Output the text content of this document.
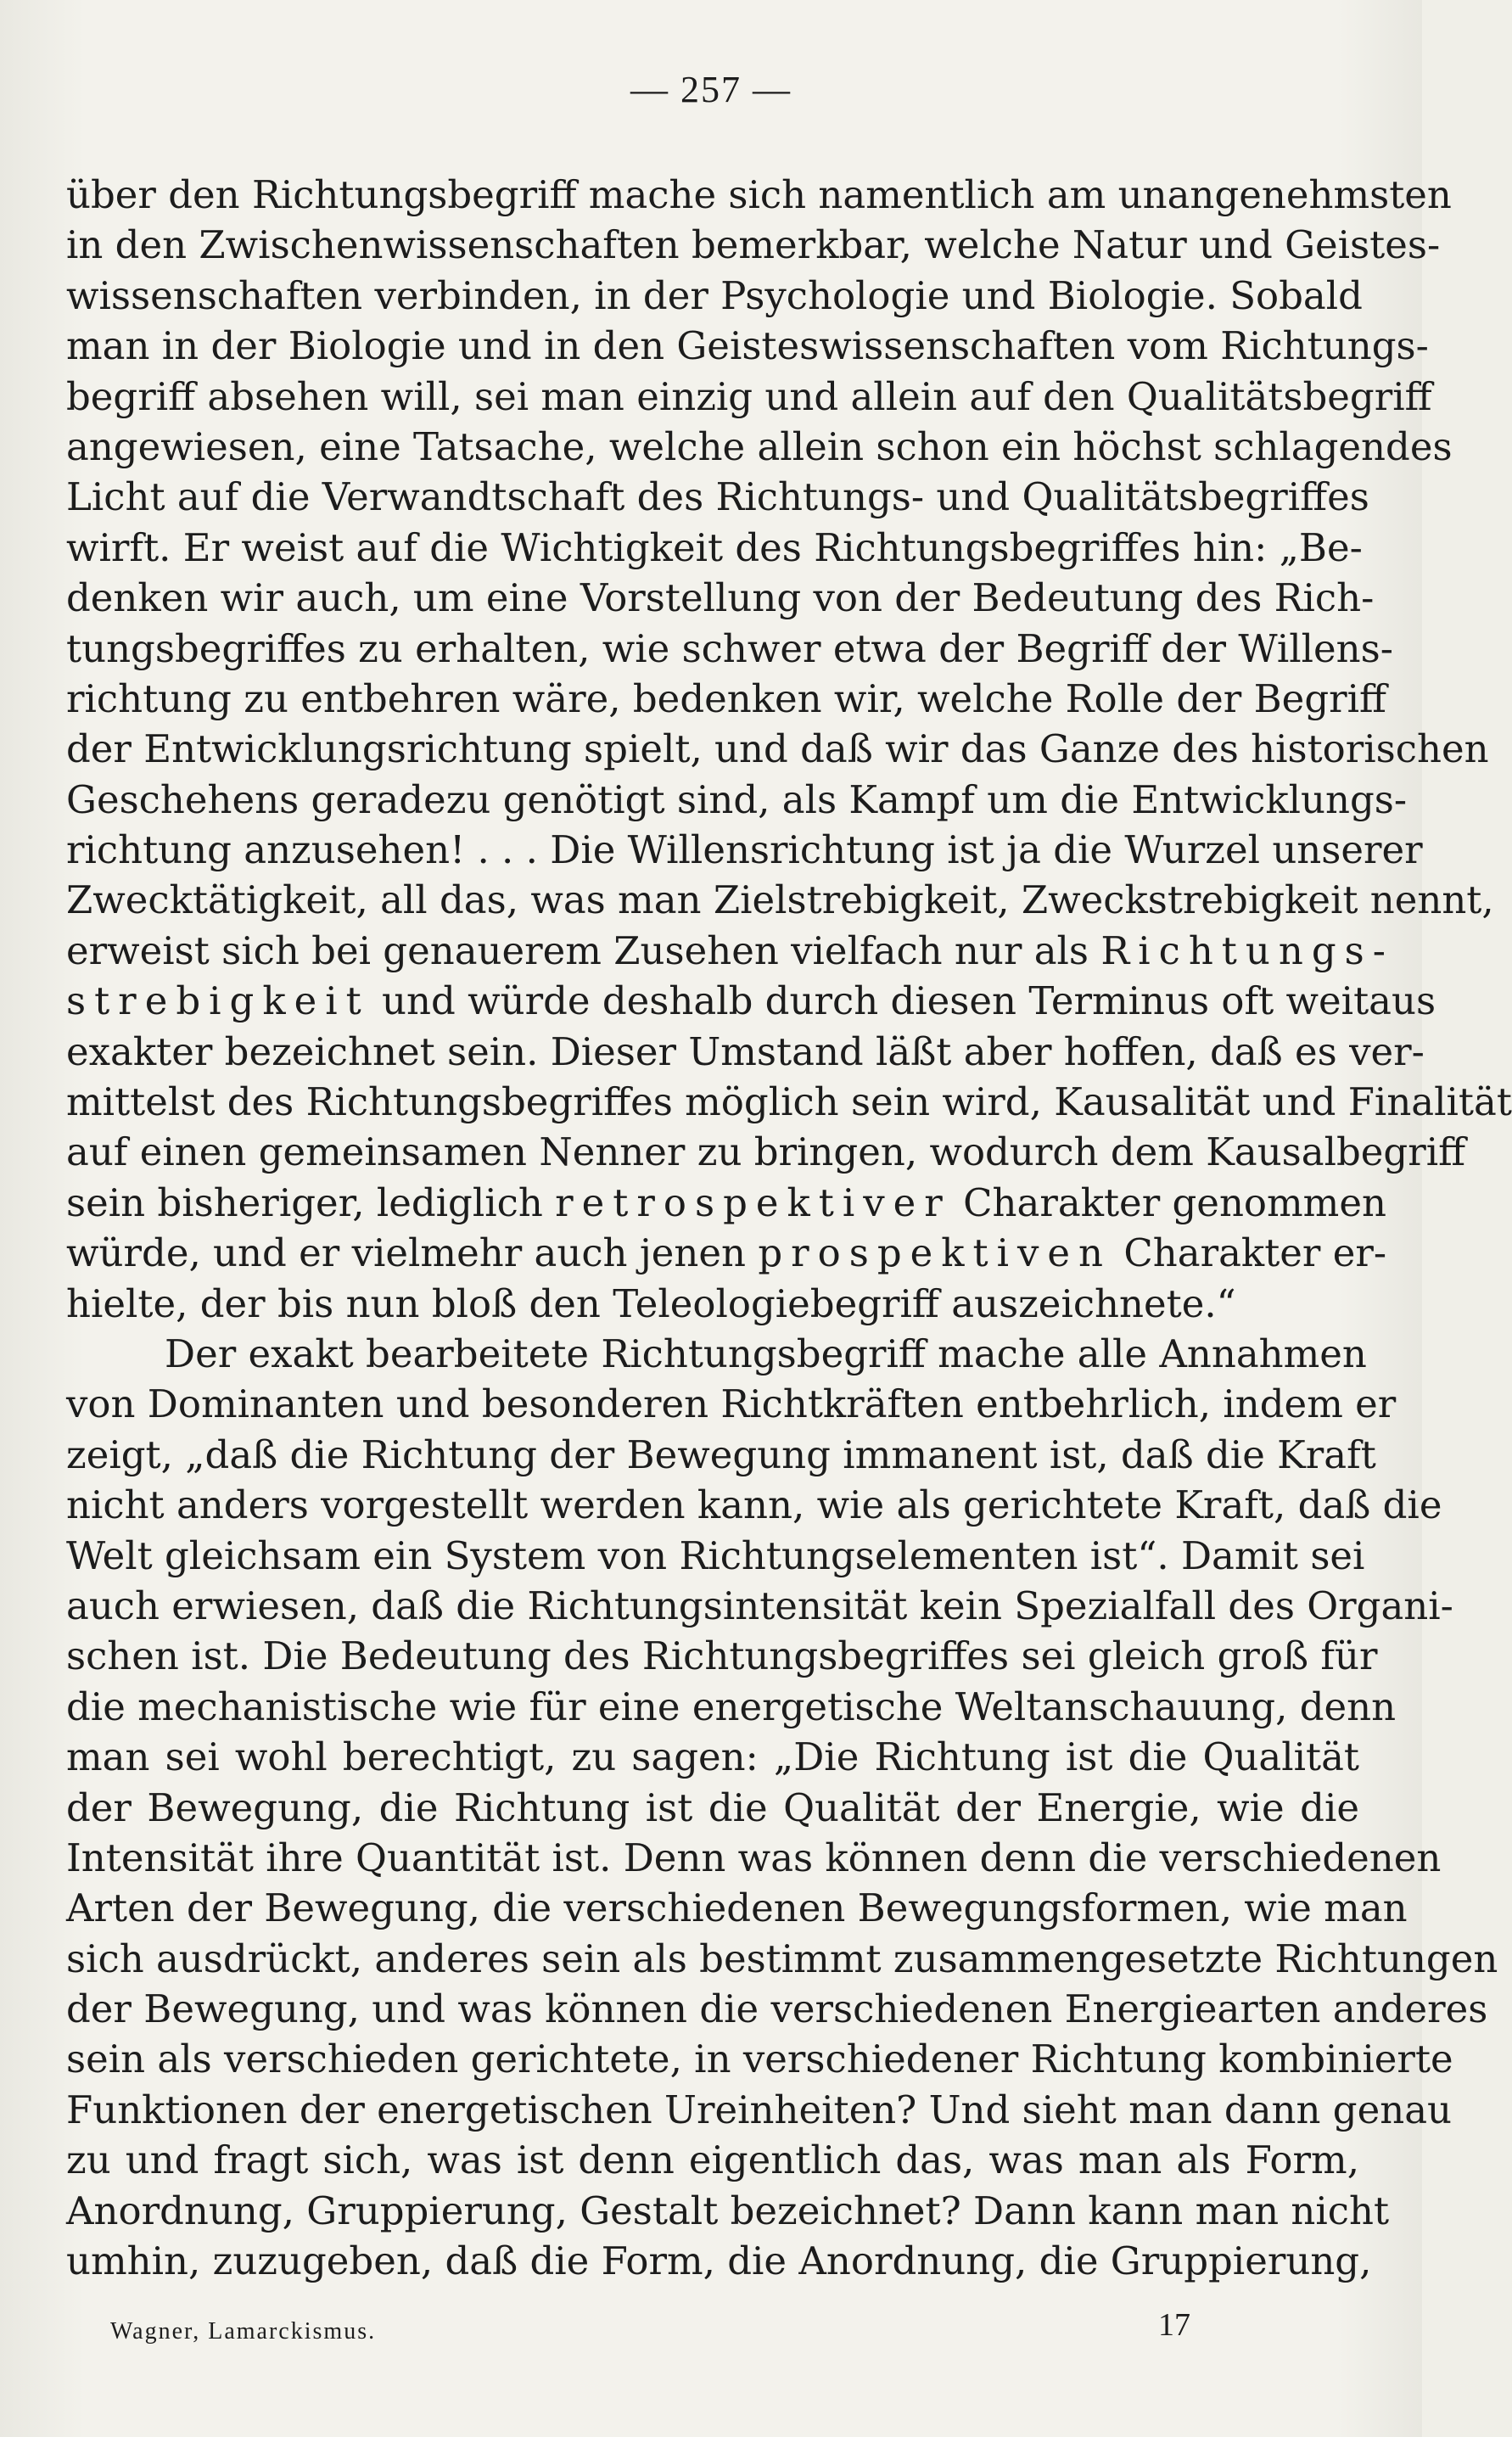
— 257 —
über den Richtungsbegriff mache sich namentlich am unangenehmsten
in den Zwischenwissenschaften bemerkbar, welche Natur und Geistes-
wissenschaften verbinden, in der Psychologie und Biologie. Sobald
man in der Biologie und in den Geisteswissenschaften vom Richtungs-
begriff absehen will, sei man einzig und allein auf den Qualitätsbegriff
angewiesen, eine Tatsache, welche allein schon ein höchst schlagendes
Licht auf die Verwandtschaft des Richtungs- und Qualitätsbegriffes
wirft. Er weist auf die Wichtigkeit des Richtungsbegriffes hin: „Be-
denken wir auch, um eine Vorstellung von der Bedeutung des Rich-
tungsbegriffes zu erhalten, wie schwer etwa der Begriff der Willens-
richtung zu entbehren wäre, bedenken wir, welche Rolle der Begriff
der Entwicklungsrichtung spielt, und daß wir das Ganze des historischen
Geschehens geradezu genötigt sind, als Kampf um die Entwicklungs-
richtung anzusehen! . . . Die Willensrichtung ist ja die Wurzel unserer
Zwecktätigkeit, all das, was man Zielstrebigkeit, Zweckstrebigkeit nennt,
erweist sich bei genauerem Zusehen vielfach nur als Richtungs-
strebigkeit und würde deshalb durch diesen Terminus oft weitaus
exakter bezeichnet sein. Dieser Umstand läßt aber hoffen, daß es ver-
mittelst des Richtungsbegriffes möglich sein wird, Kausalität und Finalität
auf einen gemeinsamen Nenner zu bringen, wodurch dem Kausalbegriff
sein bisheriger, lediglich retrospektiver Charakter genommen
würde, und er vielmehr auch jenen prospektiven Charakter er-
hielte, der bis nun bloß den Teleologiebegriff auszeichnete.“
Der exakt bearbeitete Richtungsbegriff mache alle Annahmen
von Dominanten und besonderen Richtkräften entbehrlich, indem er
zeigt, „daß die Richtung der Bewegung immanent ist, daß die Kraft
nicht anders vorgestellt werden kann, wie als gerichtete Kraft, daß die
Welt gleichsam ein System von Richtungselementen ist“. Damit sei
auch erwiesen, daß die Richtungsintensität kein Spezialfall des Organi-
schen ist. Die Bedeutung des Richtungsbegriffes sei gleich groß für
die mechanistische wie für eine energetische Weltanschauung, denn
man sei wohl berechtigt, zu sagen: „Die Richtung ist die Qualität
der Bewegung, die Richtung ist die Qualität der Energie, wie die
Intensität ihre Quantität ist. Denn was können denn die verschiedenen
Arten der Bewegung, die verschiedenen Bewegungsformen, wie man
sich ausdrückt, anderes sein als bestimmt zusammengesetzte Richtungen
der Bewegung, und was können die verschiedenen Energiearten anderes
sein als verschieden gerichtete, in verschiedener Richtung kombinierte
Funktionen der energetischen Ureinheiten? Und sieht man dann genau
zu und fragt sich, was ist denn eigentlich das, was man als Form,
Anordnung, Gruppierung, Gestalt bezeichnet? Dann kann man nicht
umhin, zuzugeben, daß die Form, die Anordnung, die Gruppierung,
Wagner, Lamarckismus.	17
